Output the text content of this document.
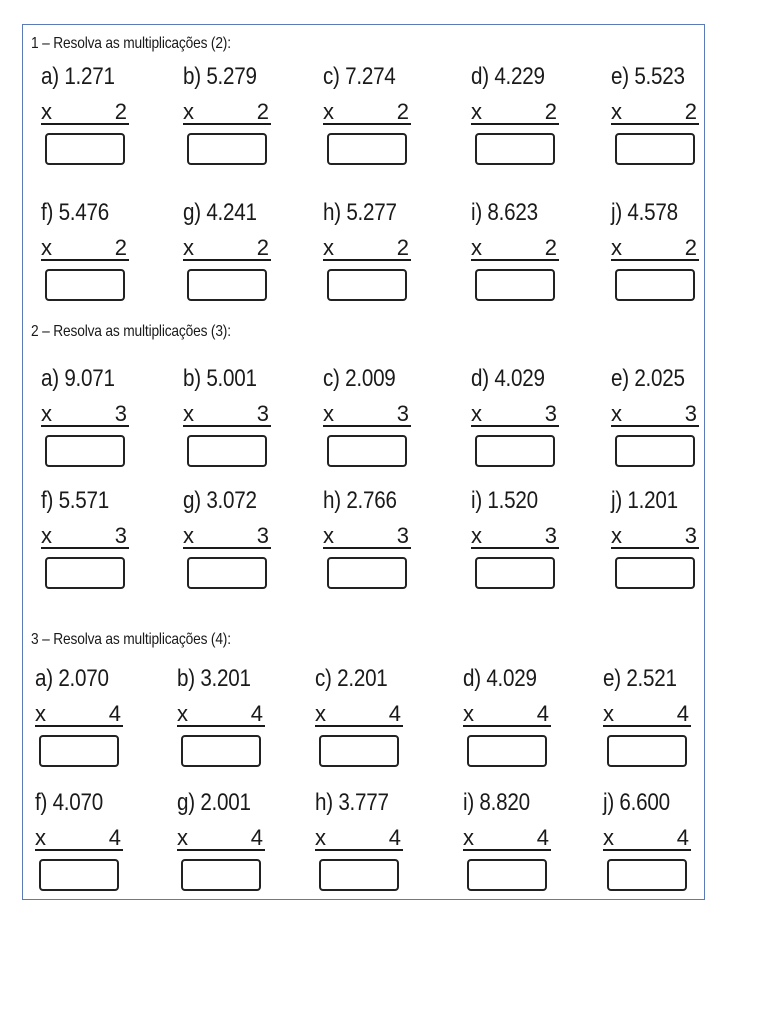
1 – Resolva as multiplicações (2):
2 – Resolva as multiplicações (3):
3 – Resolva as multiplicações (4):
a) 1.271
x	2
b) 5.279
x	2
c) 7.274
x	2
d) 4.229
x	2
e) 5.523
x	2
f) 5.476
x	2
g) 4.241
x	2
h) 5.277
x	2
i) 8.623
x	2
j) 4.578
x	2
a) 9.071
x	3
b) 5.001
x	3
c) 2.009
x	3
d) 4.029
x	3
e) 2.025
x	3
f) 5.571
x	3
g) 3.072
x	3
h) 2.766
x	3
i) 1.520
x	3
j) 1.201
x	3
a) 2.070
x	4
b) 3.201
x	4
c) 2.201
x	4
d) 4.029
x	4
e) 2.521
x	4
f) 4.070
x	4
g) 2.001
x	4
h) 3.777
x	4
i) 8.820
x	4
j) 6.600
x	4
